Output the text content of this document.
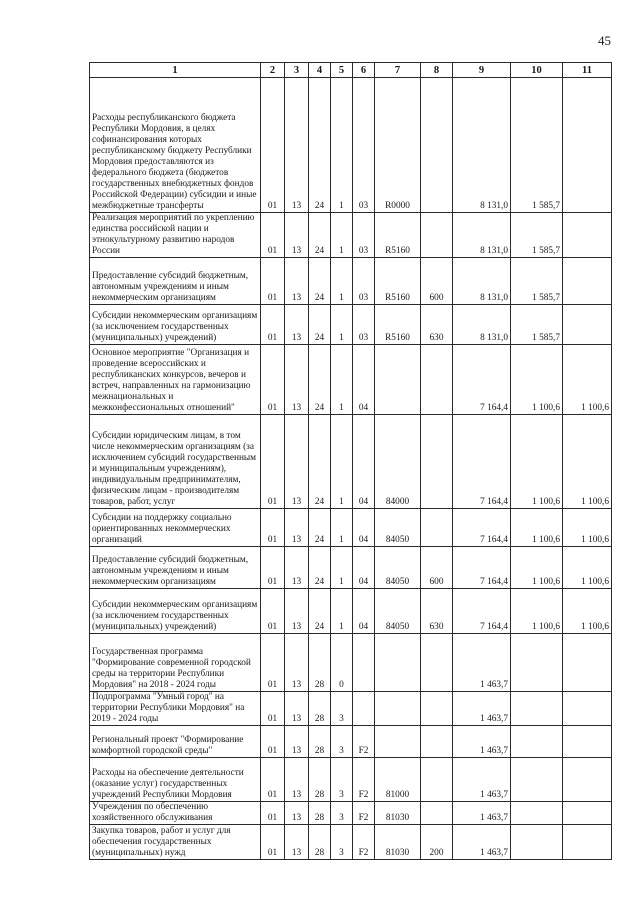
45
1	2	3	4	5	6	7	8	9	10	11
Расходы республиканского бюджета Республики Мордовия, в целях софинансирования которых республиканскому бюджету Республики Мордовия предоставляются из федерального бюджета (бюджетов государственных внебюджетных фондов Российской Федерации) субсидии и иные межбюджетные трансферты	01	13	24	1	03	R0000		8 131,0	1 585,7	
Реализация мероприятий по укреплению единства российской нации и этнокультурному развитию народов России	01	13	24	1	03	R5160		8 131,0	1 585,7	
Предоставление субсидий бюджетным, автономным учреждениям и иным некоммерческим организациям	01	13	24	1	03	R5160	600	8 131,0	1 585,7	
Субсидии некоммерческим организациям (за исключением государственных (муниципальных) учреждений)	01	13	24	1	03	R5160	630	8 131,0	1 585,7	
Основное мероприятие "Организация и проведение всероссийских и республиканских конкурсов, вечеров и встреч, направленных на гармонизацию межнациональных и межконфессиональных отношений"	01	13	24	1	04			7 164,4	1 100,6	1 100,6
Субсидии юридическим лицам, в том числе некоммерческим организациям (за исключением субсидий государственным и муниципальным учреждениям), индивидуальным предпринимателям, физическим лицам - производителям товаров, работ, услуг	01	13	24	1	04	84000		7 164,4	1 100,6	1 100,6
Субсидии на поддержку социально ориентированных некоммерческих организаций	01	13	24	1	04	84050		7 164,4	1 100,6	1 100,6
Предоставление субсидий бюджетным, автономным учреждениям и иным некоммерческим организациям	01	13	24	1	04	84050	600	7 164,4	1 100,6	1 100,6
Субсидии некоммерческим организациям (за исключением государственных (муниципальных) учреждений)	01	13	24	1	04	84050	630	7 164,4	1 100,6	1 100,6
Государственная программа "Формирование современной городской среды на территории Республики Мордовия" на 2018 - 2024 годы	01	13	28	0				1 463,7		
Подпрограмма "Умный город" на территории Республики Мордовия" на 2019 - 2024 годы	01	13	28	3				1 463,7		
Региональный проект "Формирование комфортной городской среды"	01	13	28	3	F2			1 463,7		
Расходы на обеспечение деятельности (оказание услуг) государственных учреждений Республики Мордовия	01	13	28	3	F2	81000		1 463,7		
Учреждения по обеспечению хозяйственного обслуживания	01	13	28	3	F2	81030		1 463,7		
Закупка товаров, работ и услуг для обеспечения государственных (муниципальных) нужд	01	13	28	3	F2	81030	200	1 463,7		
